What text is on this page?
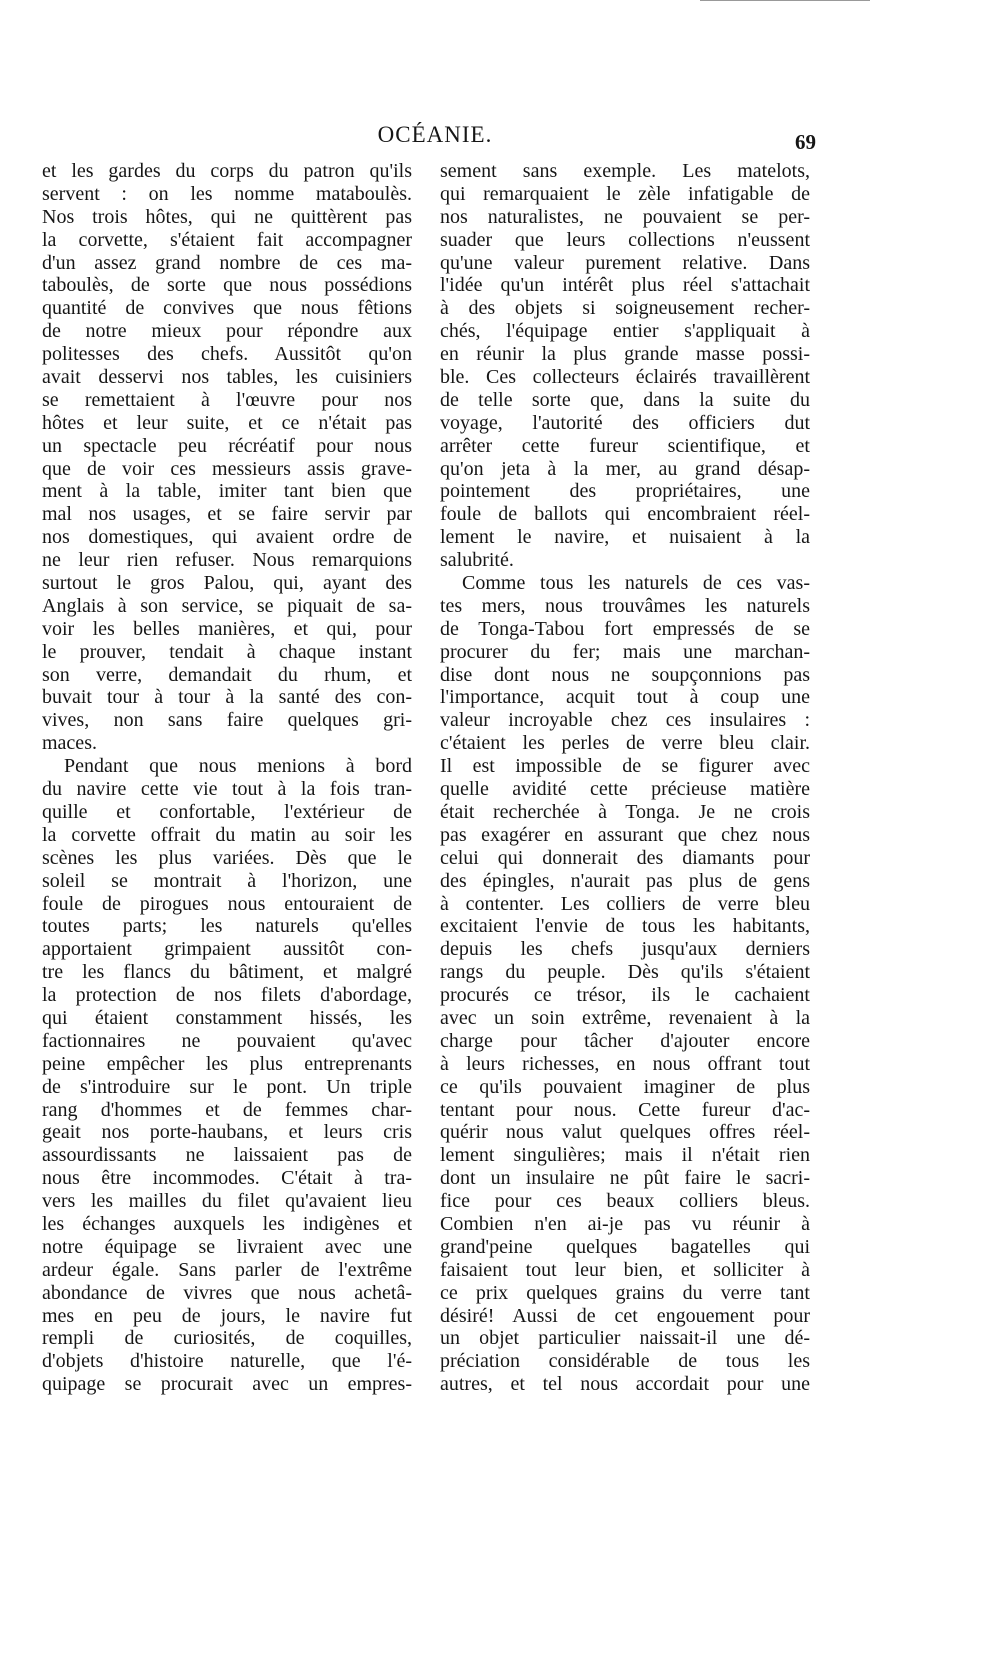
OCÉANIE.	69
et les gardes du corps du patron qu'ils
servent : on les nomme mataboulès.
Nos trois hôtes, qui ne quittèrent pas
la corvette, s'étaient fait accompagner
d'un assez grand nombre de ces ma-
taboulès, de sorte que nous possédions
quantité de convives que nous fêtions
de notre mieux pour répondre aux
politesses des chefs. Aussitôt qu'on
avait desservi nos tables, les cuisiniers
se remettaient à l'œuvre pour nos
hôtes et leur suite, et ce n'était pas
un spectacle peu récréatif pour nous
que de voir ces messieurs assis grave-
ment à la table, imiter tant bien que
mal nos usages, et se faire servir par
nos domestiques, qui avaient ordre de
ne leur rien refuser. Nous remarquions
surtout le gros Palou, qui, ayant des
Anglais à son service, se piquait de sa-
voir les belles manières, et qui, pour
le prouver, tendait à chaque instant
son verre, demandait du rhum, et
buvait tour à tour à la santé des con-
vives, non sans faire quelques gri-
maces.
Pendant que nous menions à bord
du navire cette vie tout à la fois tran-
quille et confortable, l'extérieur de
la corvette offrait du matin au soir les
scènes les plus variées. Dès que le
soleil se montrait à l'horizon, une
foule de pirogues nous entouraient de
toutes parts; les naturels qu'elles
apportaient grimpaient aussitôt con-
tre les flancs du bâtiment, et malgré
la protection de nos filets d'abordage,
qui étaient constamment hissés, les
factionnaires ne pouvaient qu'avec
peine empêcher les plus entreprenants
de s'introduire sur le pont. Un triple
rang d'hommes et de femmes char-
geait nos porte-haubans, et leurs cris
assourdissants ne laissaient pas de
nous être incommodes. C'était à tra-
vers les mailles du filet qu'avaient lieu
les échanges auxquels les indigènes et
notre équipage se livraient avec une
ardeur égale. Sans parler de l'extrême
abondance de vivres que nous achetâ-
mes en peu de jours, le navire fut
rempli de curiosités, de coquilles,
d'objets d'histoire naturelle, que l'é-
quipage se procurait avec un empres-
sement sans exemple. Les matelots,
qui remarquaient le zèle infatigable de
nos naturalistes, ne pouvaient se per-
suader que leurs collections n'eussent
qu'une valeur purement relative. Dans
l'idée qu'un intérêt plus réel s'attachait
à des objets si soigneusement recher-
chés, l'équipage entier s'appliquait à
en réunir la plus grande masse possi-
ble. Ces collecteurs éclairés travaillèrent
de telle sorte que, dans la suite du
voyage, l'autorité des officiers dut
arrêter cette fureur scientifique, et
qu'on jeta à la mer, au grand désap-
pointement des propriétaires, une
foule de ballots qui encombraient réel-
lement le navire, et nuisaient à la
salubrité.
Comme tous les naturels de ces vas-
tes mers, nous trouvâmes les naturels
de Tonga-Tabou fort empressés de se
procurer du fer; mais une marchan-
dise dont nous ne soupçonnions pas
l'importance, acquit tout à coup une
valeur incroyable chez ces insulaires :
c'étaient les perles de verre bleu clair.
Il est impossible de se figurer avec
quelle avidité cette précieuse matière
était recherchée à Tonga. Je ne crois
pas exagérer en assurant que chez nous
celui qui donnerait des diamants pour
des épingles, n'aurait pas plus de gens
à contenter. Les colliers de verre bleu
excitaient l'envie de tous les habitants,
depuis les chefs jusqu'aux derniers
rangs du peuple. Dès qu'ils s'étaient
procurés ce trésor, ils le cachaient
avec un soin extrême, revenaient à la
charge pour tâcher d'ajouter encore
à leurs richesses, en nous offrant tout
ce qu'ils pouvaient imaginer de plus
tentant pour nous. Cette fureur d'ac-
quérir nous valut quelques offres réel-
lement singulières; mais il n'était rien
dont un insulaire ne pût faire le sacri-
fice pour ces beaux colliers bleus.
Combien n'en ai-je pas vu réunir à
grand'peine quelques bagatelles qui
faisaient tout leur bien, et solliciter à
ce prix quelques grains du verre tant
désiré! Aussi de cet engouement pour
un objet particulier naissait-il une dé-
préciation considérable de tous les
autres, et tel nous accordait pour une
